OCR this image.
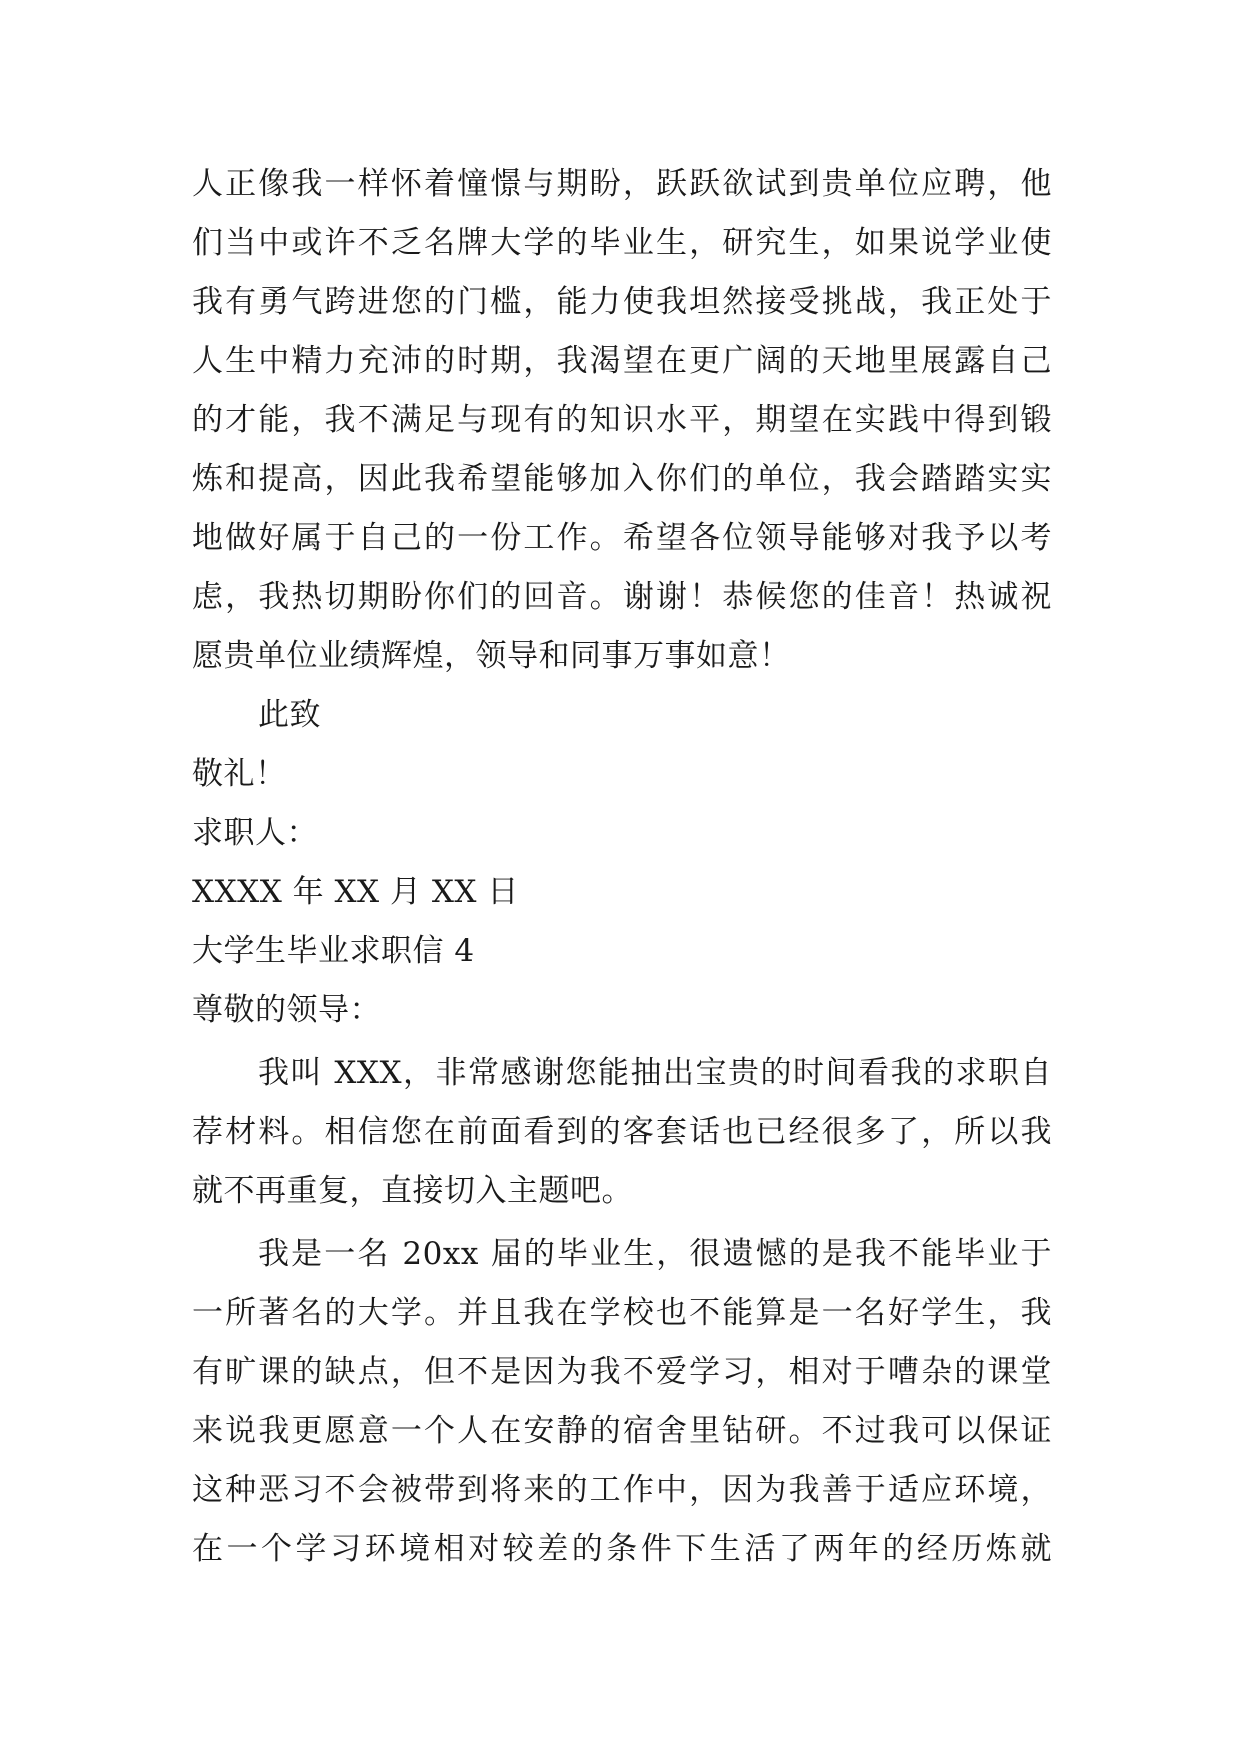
人正像我一样怀着憧憬与期盼，跃跃欲试到贵单位应聘，他
们当中或许不乏名牌大学的毕业生，研究生，如果说学业使
我有勇气跨进您的门槛，能力使我坦然接受挑战，我正处于
人生中精力充沛的时期，我渴望在更广阔的天地里展露自己
的才能，我不满足与现有的知识水平，期望在实践中得到锻
炼和提高，因此我希望能够加入你们的单位，我会踏踏实实
地做好属于自己的一份工作。希望各位领导能够对我予以考
虑，我热切期盼你们的回音。谢谢！恭候您的佳音！热诚祝
愿贵单位业绩辉煌，领导和同事万事如意！
此致
敬礼！
求职人：
XXXX 年 XX 月 XX 日
大学生毕业求职信 4
尊敬的领导：
我叫 XXX，非常感谢您能抽出宝贵的时间看我的求职自
荐材料。相信您在前面看到的客套话也已经很多了，所以我
就不再重复，直接切入主题吧。
我是一名 20xx 届的毕业生，很遗憾的是我不能毕业于
一所著名的大学。并且我在学校也不能算是一名好学生，我
有旷课的缺点，但不是因为我不爱学习，相对于嘈杂的课堂
来说我更愿意一个人在安静的宿舍里钻研。不过我可以保证
这种恶习不会被带到将来的工作中，因为我善于适应环境，
在一个学习环境相对较差的条件下生活了两年的经历炼就
